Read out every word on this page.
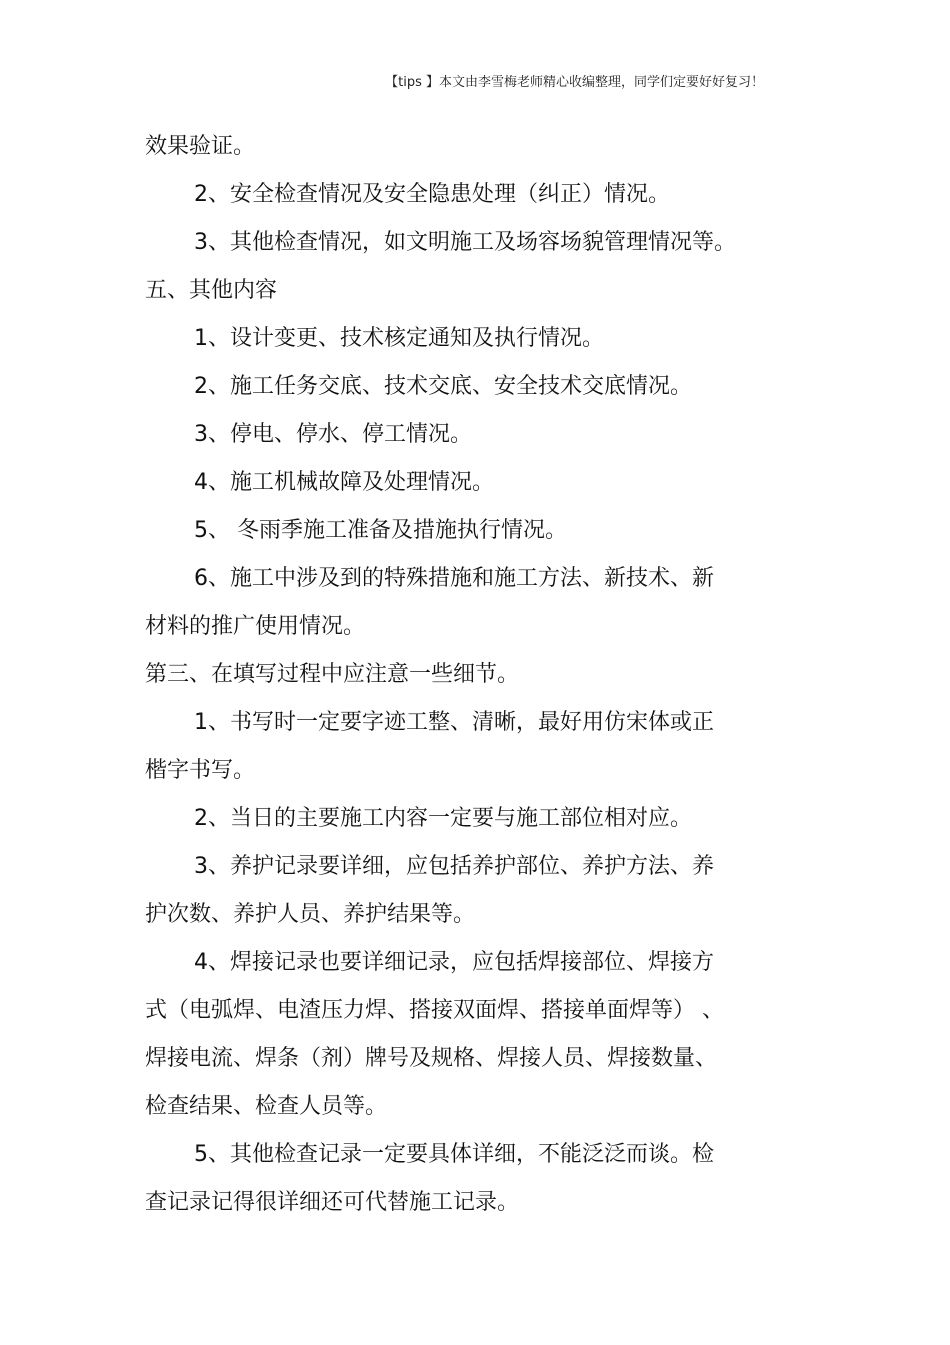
【tips 】本文由李雪梅老师精心收编整理，同学们定要好好复习！
效果验证。
2、安全检查情况及安全隐患处理（纠正）情况。
3、其他检查情况，如文明施工及场容场貌管理情况等。
五、其他内容
1、设计变更、技术核定通知及执行情况。
2、施工任务交底、技术交底、安全技术交底情况。
3、停电、停水、停工情况。
4、施工机械故障及处理情况。
5、 冬雨季施工准备及措施执行情况。
6、施工中涉及到的特殊措施和施工方法、新技术、新
材料的推广使用情况。
第三、在填写过程中应注意一些细节。
1、书写时一定要字迹工整、清晰，最好用仿宋体或正
楷字书写。
2、当日的主要施工内容一定要与施工部位相对应。
3、养护记录要详细，应包括养护部位、养护方法、养
护次数、养护人员、养护结果等。
4、焊接记录也要详细记录，应包括焊接部位、焊接方
式（电弧焊、电渣压力焊、搭接双面焊、搭接单面焊等） 、
焊接电流、焊条（剂）牌号及规格、焊接人员、焊接数量、
检查结果、检查人员等。
5、其他检查记录一定要具体详细，不能泛泛而谈。检
查记录记得很详细还可代替施工记录。
